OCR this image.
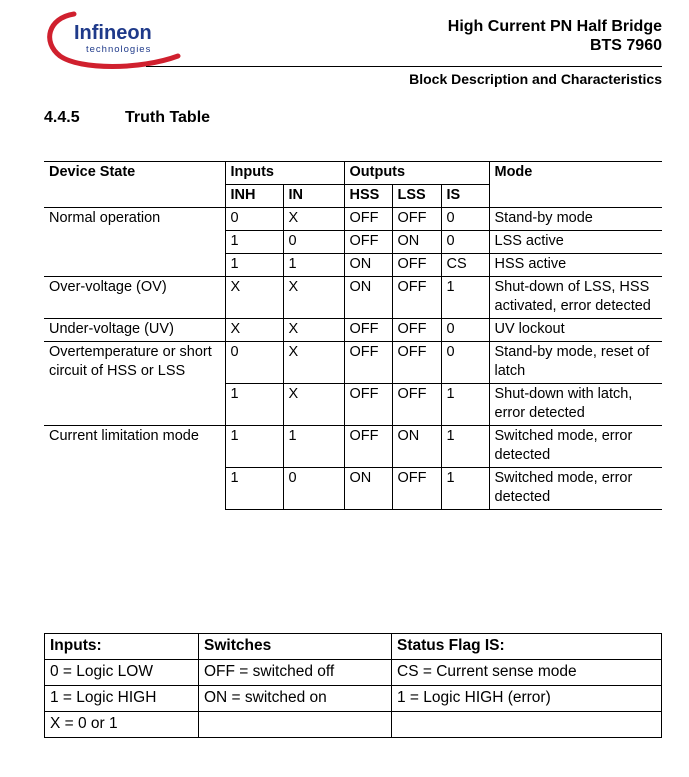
Infineon
technologies
High Current PN Half Bridge
BTS 7960
Block Description and Characteristics
4.4.5	Truth Table
Device State	Inputs		Outputs			Mode
	INH	IN	HSS	LSS	IS	
Normal operation	0	X	OFF	OFF	0	Stand-by mode
	1	0	OFF	ON	0	LSS active
	1	1	ON	OFF	CS	HSS active
Over-voltage (OV)	X	X	ON	OFF	1	Shut-down of LSS, HSS activated, error detected
Under-voltage (UV)	X	X	OFF	OFF	0	UV lockout
Overtemperature or short circuit of HSS or LSS	0	X	OFF	OFF	0	Stand-by mode, reset of latch
	1	X	OFF	OFF	1	Shut-down with latch, error detected
Current limitation mode	1	1	OFF	ON	1	Switched mode, error detected
	1	0	ON	OFF	1	Switched mode, error detected
Inputs:	Switches	Status Flag IS:
0 = Logic LOW	OFF = switched off	CS = Current sense mode
1 = Logic HIGH	ON = switched on	1 = Logic HIGH (error)
X = 0 or 1		
